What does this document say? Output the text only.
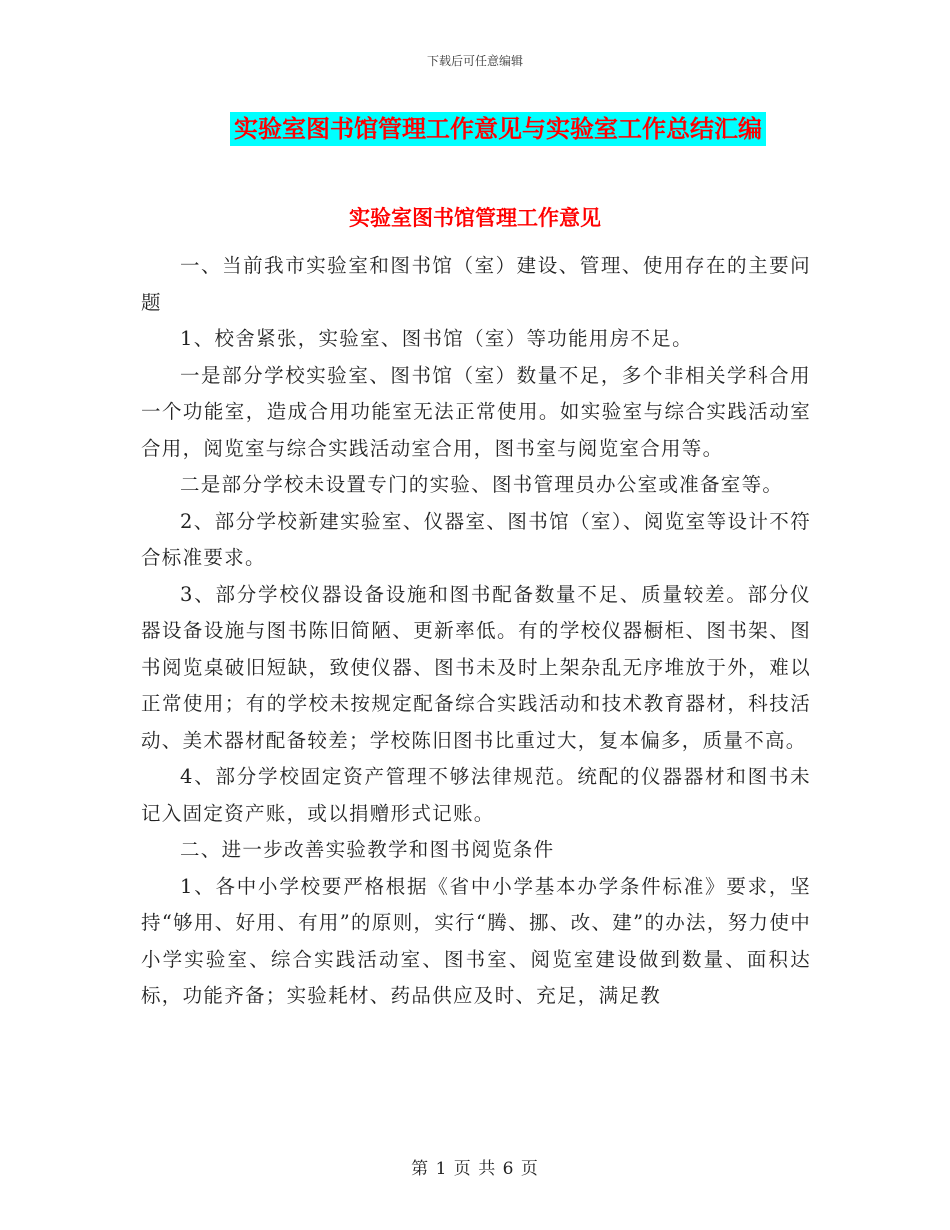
下载后可任意编辑
实验室图书馆管理工作意见与实验室工作总结汇编
实验室图书馆管理工作意见

一、当前我市实验室和图书馆（室）建设、管理、使用存在的主要问题

1、校舍紧张，实验室、图书馆（室）等功能用房不足。

一是部分学校实验室、图书馆（室）数量不足，多个非相关学科合用一个功能室，造成合用功能室无法正常使用。如实验室与综合实践活动室合用，阅览室与综合实践活动室合用，图书室与阅览室合用等。

二是部分学校未设置专门的实验、图书管理员办公室或准备室等。

2、部分学校新建实验室、仪器室、图书馆（室）、阅览室等设计不符合标准要求。

3、部分学校仪器设备设施和图书配备数量不足、质量较差。部分仪器设备设施与图书陈旧简陋、更新率低。有的学校仪器橱柜、图书架、图书阅览桌破旧短缺，致使仪器、图书未及时上架杂乱无序堆放于外，难以正常使用；有的学校未按规定配备综合实践活动和技术教育器材，科技活动、美术器材配备较差；学校陈旧图书比重过大，复本偏多，质量不高。

4、部分学校固定资产管理不够法律规范。统配的仪器器材和图书未记入固定资产账，或以捐赠形式记账。

二、进一步改善实验教学和图书阅览条件

1、各中小学校要严格根据《省中小学基本办学条件标准》要求，坚持“够用、好用、有用”的原则，实行“腾、挪、改、建”的办法，努力使中小学实验室、综合实践活动室、图书室、阅览室建设做到数量、面积达标，功能齐备；实验耗材、药品供应及时、充足，满足教

第 1 页 共 6 页
